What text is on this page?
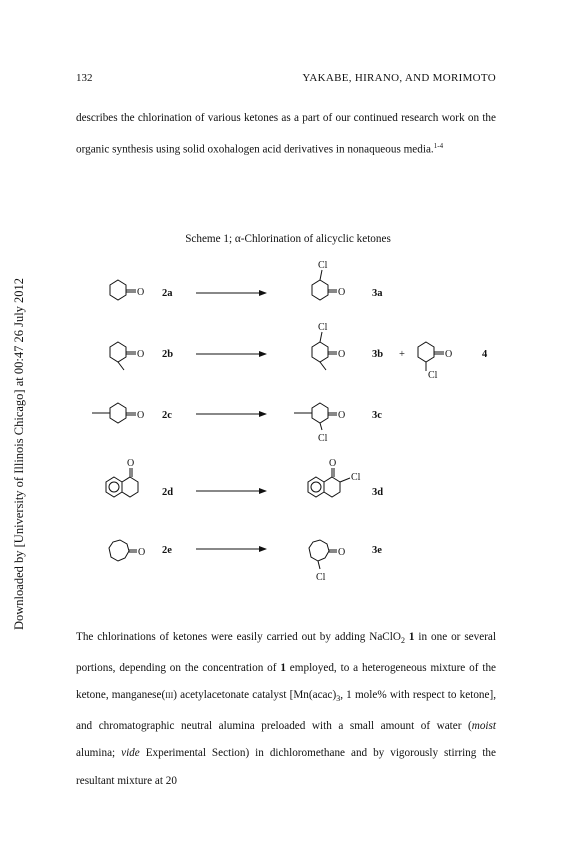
132	YAKABE, HIRANO, AND MORIMOTO

describes the chlorination of various ketones as a part of our continued research work on the organic synthesis using solid oxohalogen acid derivatives in nonaqueous media.$^{1-4}$

Downloaded by [University of Illinois Chicago] at 00:47 26 July 2012
Scheme 1; α-Chlorination of alicyclic ketones
O	O
Cl
O	O
Cl
O
Cl
O	O
Cl
O	O
Cl
O	O
Cl
2a	3a
2b	3b +	4
2c	3c
2d	3d
2e	3e

The chlorinations of ketones were easily carried out by adding NaClO$_2$ 1 in one or several portions, depending on the concentration of 1 employed, to a heterogeneous mixture of the ketone, manganese(III) acetylacetonate catalyst [$Mn(acac)_3$, 1 mole% with respect to ketone], and chromatographic neutral alumina preloaded with a small amount of water (moist alumina; vide Experimental Section) in dichloromethane and by vigorously stirring the resultant mixture at 20
